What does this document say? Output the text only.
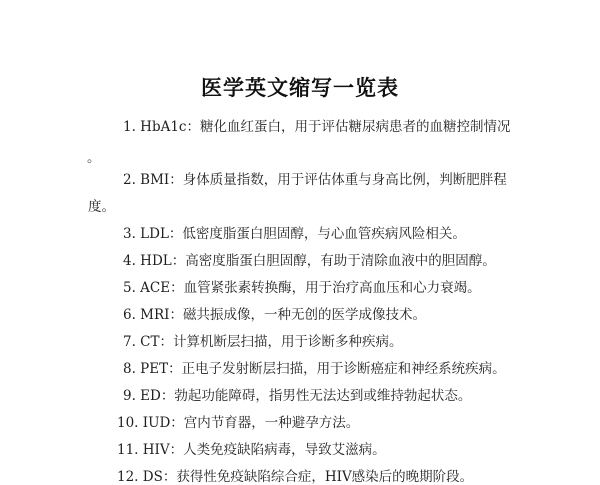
医学英文缩写一览表
1. HbA1c：糖化血红蛋白，用于评估糖尿病患者的血糖控制情况
。
2. BMI：身体质量指数，用于评估体重与身高比例，判断肥胖程
度。
3. LDL：低密度脂蛋白胆固醇，与心血管疾病风险相关。
4. HDL：高密度脂蛋白胆固醇，有助于清除血液中的胆固醇。
5. ACE：血管紧张素转换酶，用于治疗高血压和心力衰竭。
6. MRI：磁共振成像，一种无创的医学成像技术。
7. CT：计算机断层扫描，用于诊断多种疾病。
8. PET：正电子发射断层扫描，用于诊断癌症和神经系统疾病。
9. ED：勃起功能障碍，指男性无法达到或维持勃起状态。
10. IUD：宫内节育器，一种避孕方法。
11. HIV：人类免疫缺陷病毒，导致艾滋病。
12. DS：获得性免疫缺陷综合症，HIV感染后的晚期阶段。
